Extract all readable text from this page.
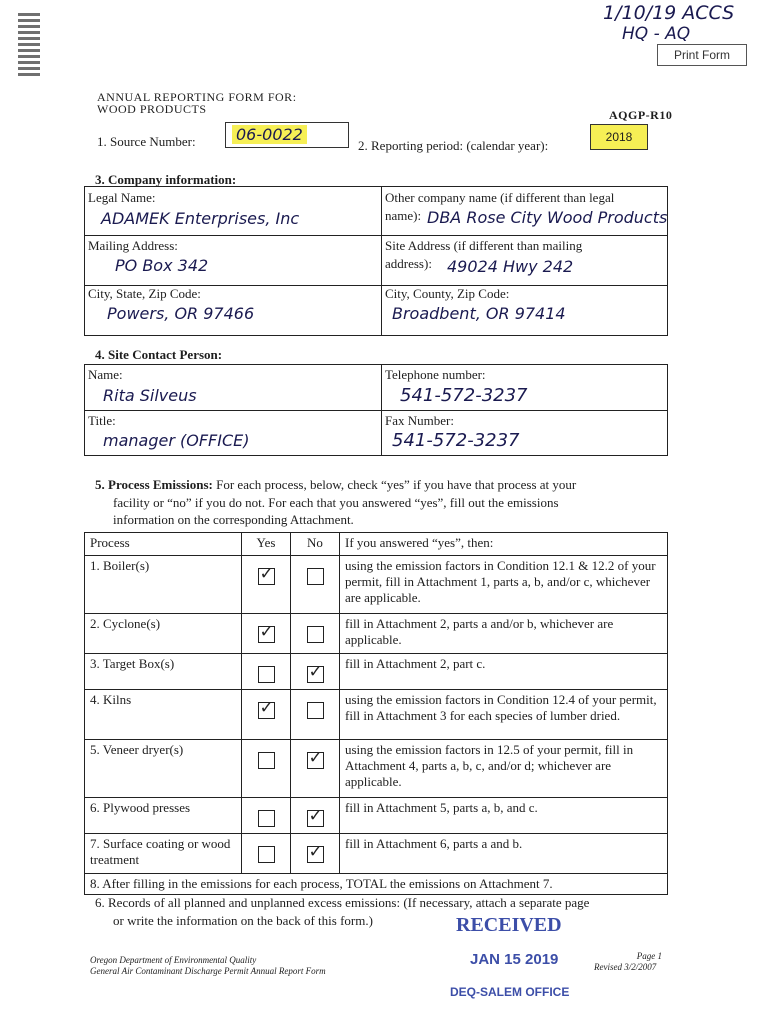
1/10/19 ACCS
HQ - AQ
Print Form
ANNUAL REPORTING FORM FOR:
WOOD PRODUCTS	AQGP-R10
1. Source Number:	06-0022
2. Reporting period: (calendar year):
2018
3. Company information:
Legal Name:
ADAMEK Enterprises, Inc
Other company name (if different than legal
name): DBA Rose City Wood Products
Mailing Address:
PO Box 342
Site Address (if different than mailing
address): 49024 Hwy 242
City, State, Zip Code:
Powers, OR 97466
City, County, Zip Code:
Broadbent, OR 97414
4. Site Contact Person:
Name:
Rita Silveus
Telephone number:
541-572-3237
Title:
manager (OFFICE)
Fax Number:
541-572-3237
5. Process Emissions: For each process, below, check “yes” if you have that process at your
facility or “no” if you do not. For each that you answered “yes”, fill out the emissions
information on the corresponding Attachment.
Process	Yes	No	If you answered “yes”, then:
1. Boiler(s)	✓		using the emission factors in Condition 12.1 & 12.2 of your permit, fill in Attachment 1, parts a, b, and/or c, whichever are applicable.
2. Cyclone(s)	✓		fill in Attachment 2, parts a and/or b, whichever are applicable.
3. Target Box(s)		✓	fill in Attachment 2, part c.
4. Kilns	✓		using the emission factors in Condition 12.4 of your permit, fill in Attachment 3 for each species of lumber dried.
5. Veneer dryer(s)		✓	using the emission factors in 12.5 of your permit, fill in Attachment 4, parts a, b, c, and/or d; whichever are applicable.
6. Plywood presses		✓	fill in Attachment 5, parts a, b, and c.
7. Surface coating or wood treatment		✓	fill in Attachment 6, parts a and b.
8. After filling in the emissions for each process, TOTAL the emissions on Attachment 7.			
6. Records of all planned and unplanned excess emissions: (If necessary, attach a separate page
or write the information on the back of this form.)	RECEIVED
JAN 15 2019
DEQ-SALEM OFFICE
Oregon Department of Environmental Quality
General Air Contaminant Discharge Permit Annual Report Form
Page 1
Revised 3/2/2007
